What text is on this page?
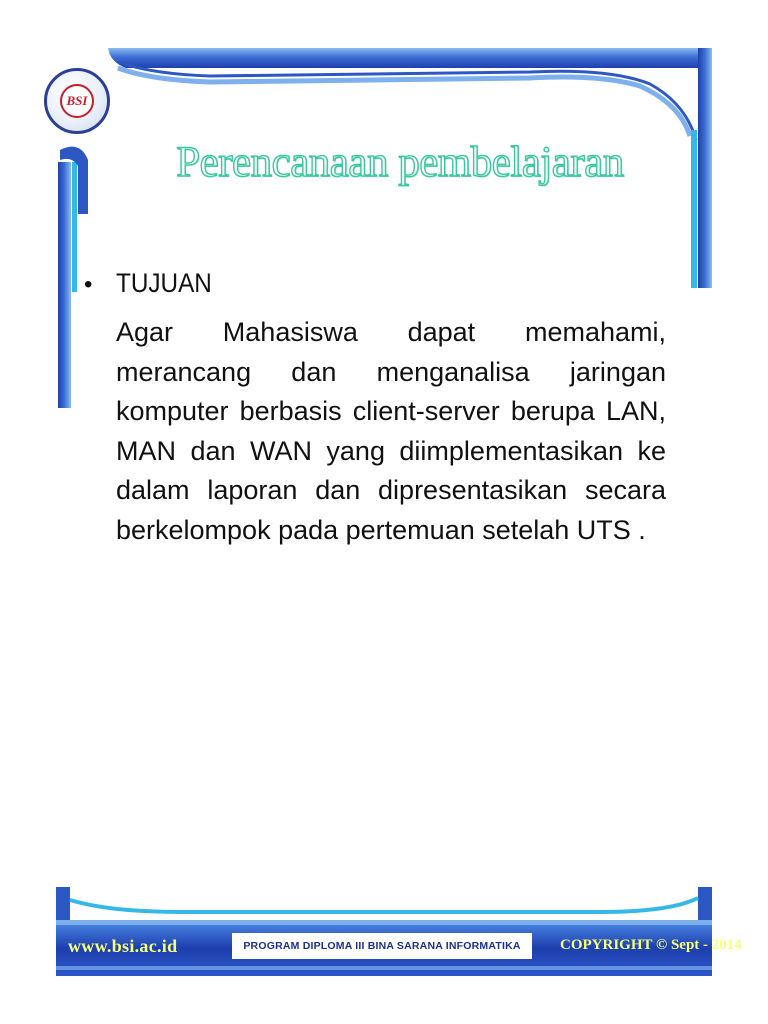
BSI
Perencanaan pembelajaran
• TUJUAN
Agar Mahasiswa dapat memahami, merancang dan menganalisa jaringan komputer berbasis client-server berupa LAN, MAN dan WAN yang diimplementasikan ke dalam laporan dan dipresentasikan secara berkelompok pada pertemuan setelah UTS .
www.bsi.ac.id	PROGRAM DIPLOMA III BINA SARANA INFORMATIKA	COPYRIGHT © Sept - 2014
